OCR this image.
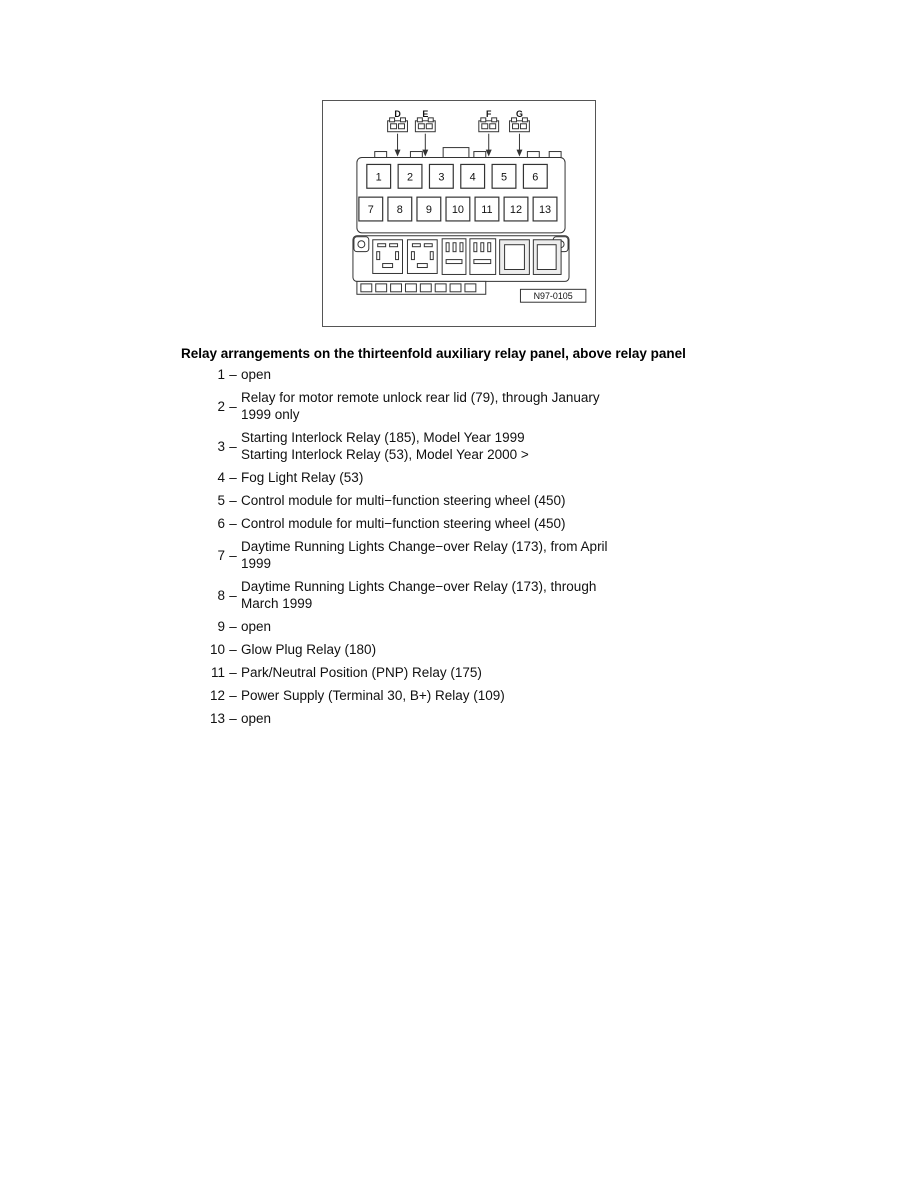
D E	F	G
1 2 3 4 5 6
7 8 9 10 11 12 13
N97-0105
Relay arrangements on the thirteenfold auxiliary relay panel, above relay panel
1 – open
2 –
Relay for motor remote unlock rear lid (79), through January
1999 only
3 –
Starting Interlock Relay (185), Model Year 1999
Starting Interlock Relay (53), Model Year 2000 >
4 – Fog Light Relay (53)
5 – Control module for multi−function steering wheel (450)
6 – Control module for multi−function steering wheel (450)
7 –
Daytime Running Lights Change−over Relay (173), from April
1999
8 –
Daytime Running Lights Change−over Relay (173), through
March 1999
9 – open
10 – Glow Plug Relay (180)
11 – Park/Neutral Position (PNP) Relay (175)
12 – Power Supply (Terminal 30, B+) Relay (109)
13 – open
